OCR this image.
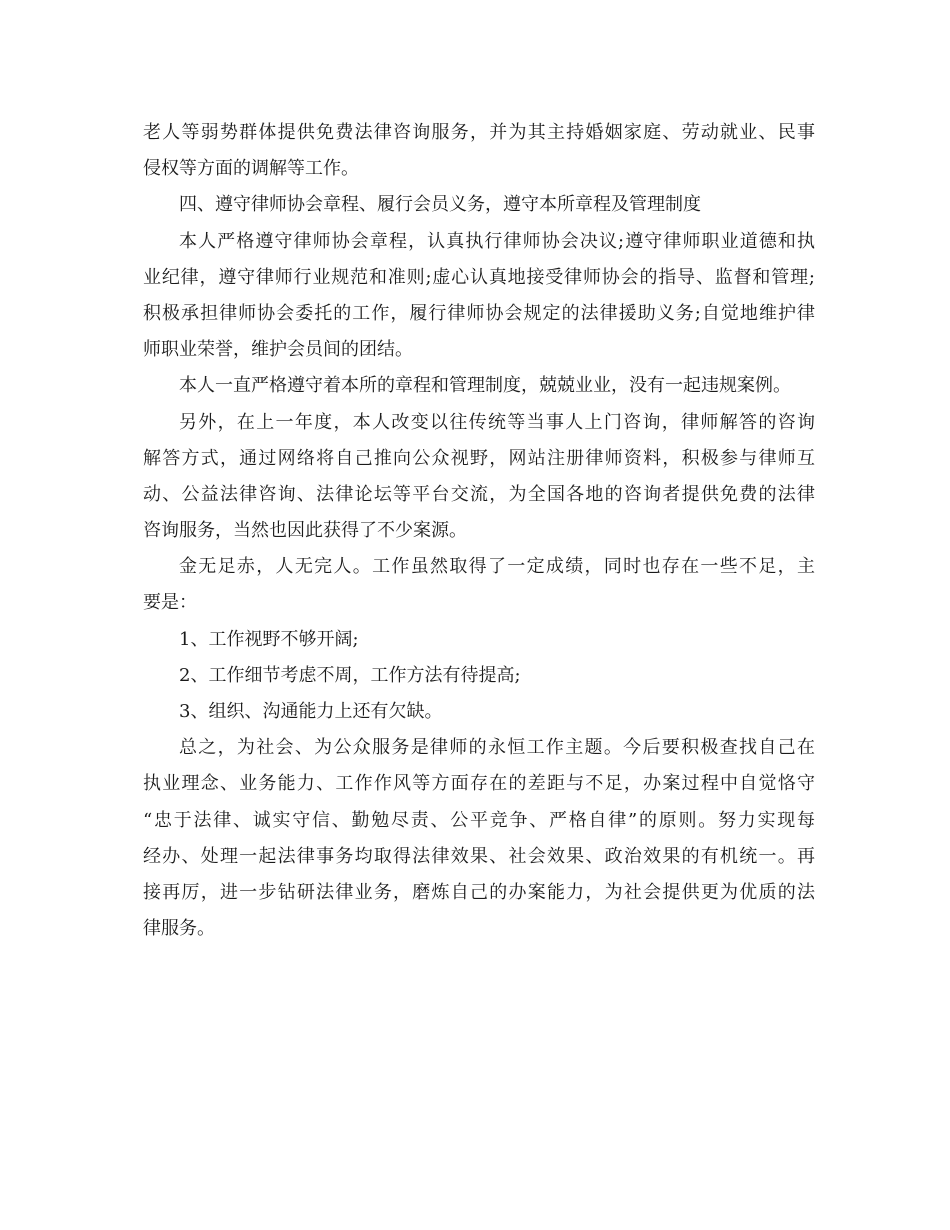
老人等弱势群体提供免费法律咨询服务，并为其主持婚姻家庭、劳动就业、民事
侵权等方面的调解等工作。
四、遵守律师协会章程、履行会员义务，遵守本所章程及管理制度
本人严格遵守律师协会章程，认真执行律师协会决议;遵守律师职业道德和执
业纪律，遵守律师行业规范和准则;虚心认真地接受律师协会的指导、监督和管理;
积极承担律师协会委托的工作，履行律师协会规定的法律援助义务;自觉地维护律
师职业荣誉，维护会员间的团结。
本人一直严格遵守着本所的章程和管理制度，兢兢业业，没有一起违规案例。
另外，在上一年度，本人改变以往传统等当事人上门咨询，律师解答的咨询
解答方式，通过网络将自己推向公众视野，网站注册律师资料，积极参与律师互
动、公益法律咨询、法律论坛等平台交流，为全国各地的咨询者提供免费的法律
咨询服务，当然也因此获得了不少案源。
金无足赤，人无完人。工作虽然取得了一定成绩，同时也存在一些不足，主
要是：
1、工作视野不够开阔;
2、工作细节考虑不周，工作方法有待提高;
3、组织、沟通能力上还有欠缺。
总之，为社会、为公众服务是律师的永恒工作主题。今后要积极查找自己在
执业理念、业务能力、工作作风等方面存在的差距与不足，办案过程中自觉恪守
“忠于法律、诚实守信、勤勉尽责、公平竞争、严格自律”的原则。努力实现每
经办、处理一起法律事务均取得法律效果、社会效果、政治效果的有机统一。再
接再厉，进一步钻研法律业务，磨炼自己的办案能力，为社会提供更为优质的法
律服务。
